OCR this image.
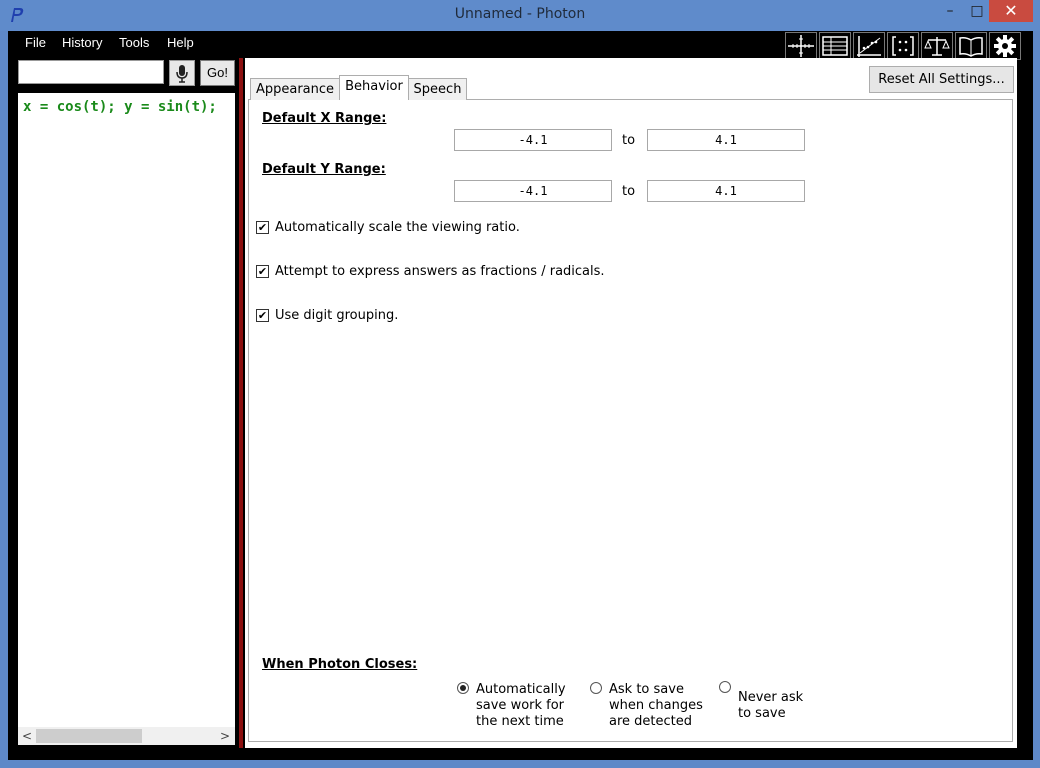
Unnamed - Photon	–	□	✕
File History Tools Help
Go!
x = cos(t); y = sin(t);
<	>
Reset All Settings...
Appearance Behavior Speech
Default X Range:
-4.1	to	4.1
Default Y Range:
-4.1	to	4.1
✔ Automatically scale the viewing ratio.
✔ Attempt to express answers as fractions / radicals.
✔ Use digit grouping.
When Photon Closes:
Automatically
save work for
the next time
Ask to save
when changes
are detected
Never ask
to save
